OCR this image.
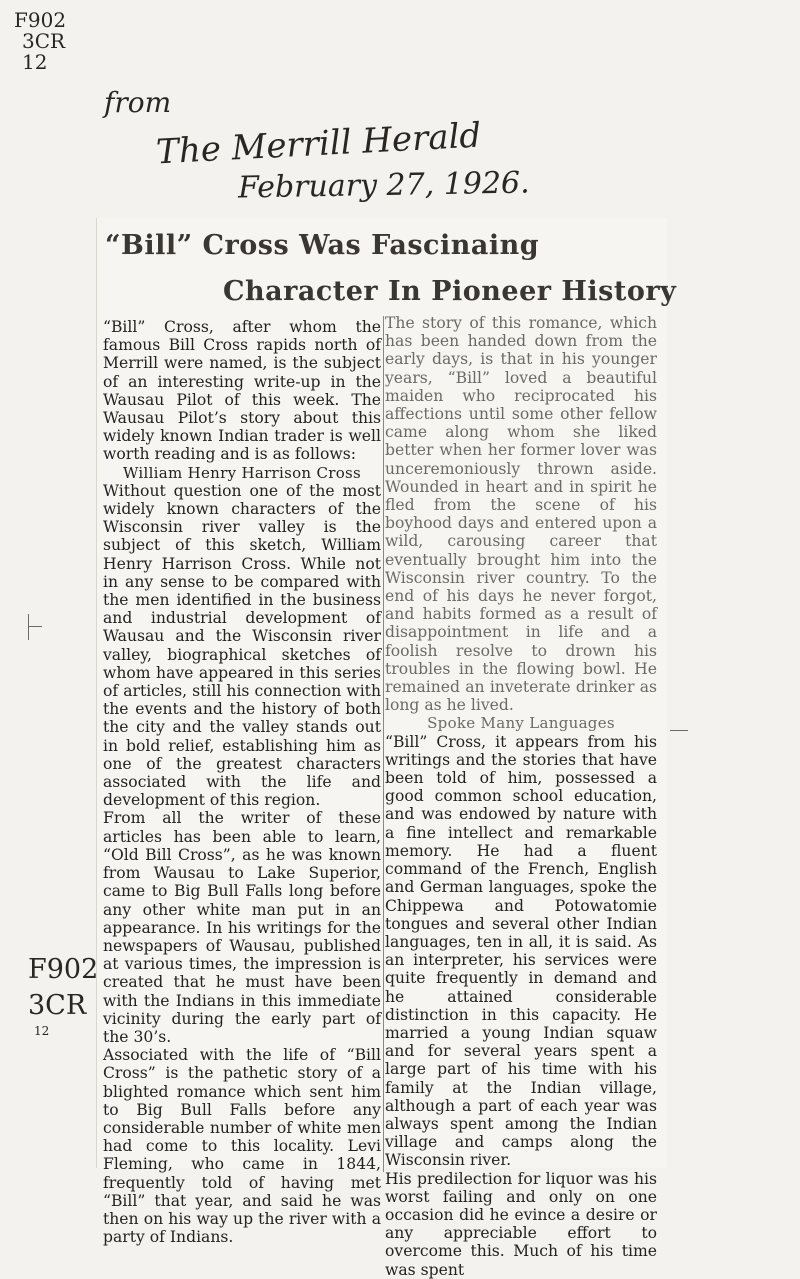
F902
3CR
12
from
The Merrill Herald
February 27, 1926.
“Bill” Cross Was Fascinaing
Character In Pioneer History

“Bill” Cross, after whom the famous Bill Cross rapids north of Merrill were named, is the subject of an interesting write-up in the Wausau Pilot of this week. The Wausau Pilot’s story about this widely known Indian trader is well worth reading and is as follows:

William Henry Harrison Cross

Without question one of the most widely known characters of the Wisconsin river valley is the subject of this sketch, William Henry Harrison Cross. While not in any sense to be compared with the men identified in the business and industrial development of Wausau and the Wisconsin river valley, biographical sketches of whom have appeared in this series of articles, still his connection with the events and the history of both the city and the valley stands out in bold relief, establishing him as one of the greatest characters associated with the life and development of this region.

From all the writer of these articles has been able to learn, “Old Bill Cross”, as he was known from Wausau to Lake Superior, came to Big Bull Falls long before any other white man put in an appearance. In his writings for the newspapers of Wausau, published at various times, the impression is created that he must have been with the Indians in this immediate vicinity during the early part of the 30’s.

Associated with the life of “Bill Cross” is the pathetic story of a blighted romance which sent him to Big Bull Falls before any considerable number of white men had come to this locality. Levi Fleming, who came in 1844, frequently told of having met “Bill” that year, and said he was then on his way up the river with a party of Indians.

The story of this romance, which has been handed down from the early days, is that in his younger years, “Bill” loved a beautiful maiden who reciprocated his affections until some other fellow came along whom she liked better when her former lover was unceremoniously thrown aside. Wounded in heart and in spirit he fled from the scene of his boyhood days and entered upon a wild, carousing career that eventually brought him into the Wisconsin river country. To the end of his days he never forgot, and habits formed as a result of disappointment in life and a foolish resolve to drown his troubles in the flowing bowl. He remained an inveterate drinker as long as he lived.

Spoke Many Languages

“Bill” Cross, it appears from his writings and the stories that have been told of him, possessed a good common school education, and was endowed by nature with a fine intellect and remarkable memory. He had a fluent command of the French, English and German languages, spoke the Chippewa and Potowatomie tongues and several other Indian languages, ten in all, it is said. As an interpreter, his services were quite frequently in demand and he attained considerable distinction in this capacity. He married a young Indian squaw and for several years spent a large part of his time with his family at the Indian village, although a part of each year was always spent among the Indian village and camps along the Wisconsin river.

His predilection for liquor was his worst failing and only on one occasion did he evince a desire or any appreciable effort to overcome this. Much of his time was spent

F902
3CR
12
